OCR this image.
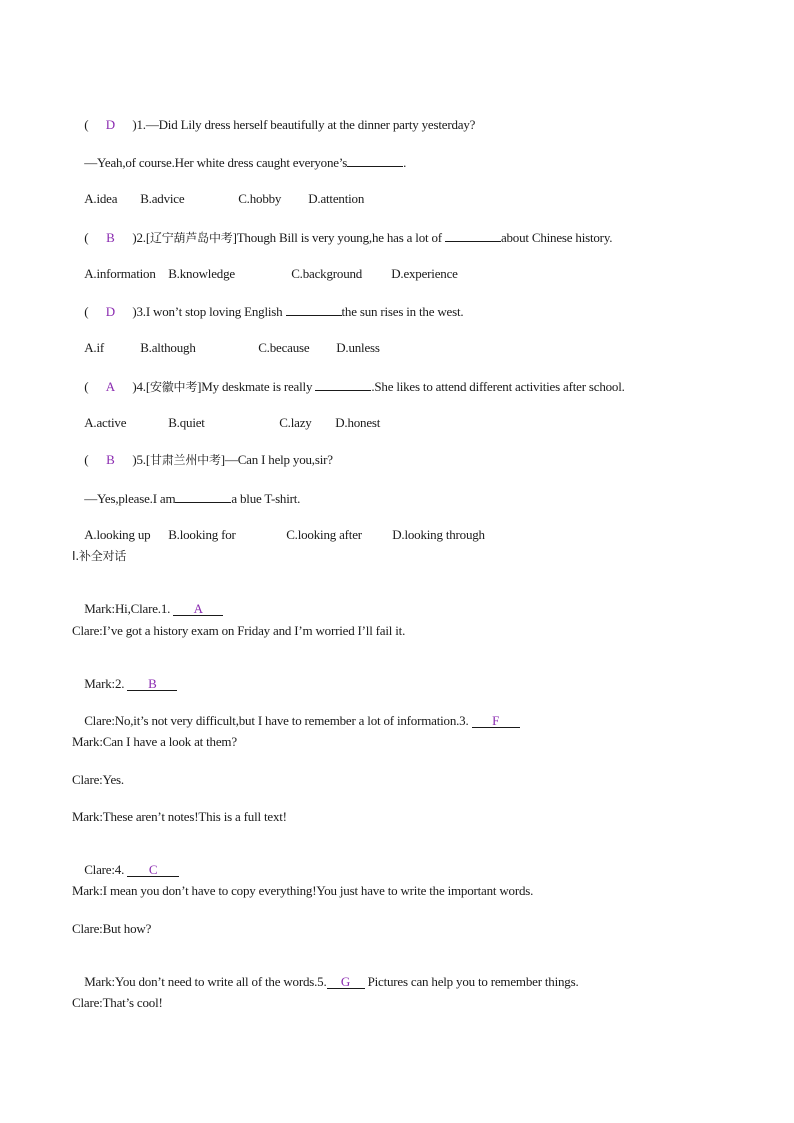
( D )1.—Did Lily dress herself beautifully at the dinner party yesterday?

—Yeah,of course.Her white dress caught everyone’s	.

A.idea B.advice	C.hobby D.attention

( B )2.[辽宁葫芦岛中考]Though Bill is very young,he has a lot of	about Chinese history.

A.information B.knowledge	C.background D.experience

( D )3.I won’t stop loving English	the sun rises in the west.

A.if	B.although	C.because D.unless

( A )4.[安徽中考]My deskmate is really	.She likes to attend different activities after school.

A.active	B.quiet	C.lazy D.honest

( B )5.[甘肃兰州中考]—Can I help you,sir?

—Yes,please.I am	a blue T-shirt.

A.looking up B.looking for	C.looking after D.looking through

Ⅰ.补全对话

Mark:Hi,Clare.1. A

Clare:I’ve got a history exam on Friday and I’m worried I’ll fail it.

Mark:2. B

Clare:No,it’s not very difficult,but I have to remember a lot of information.3. F

Mark:Can I have a look at them?
Clare:Yes.
Mark:These aren’t notes!This is a full text!

Clare:4. C

Mark:I mean you don’t have to copy everything!You just have to write the important words.
Clare:But how?

Mark:You don’t need to write all of the words.5. G Pictures can help you to remember things.

Clare:That’s cool!
